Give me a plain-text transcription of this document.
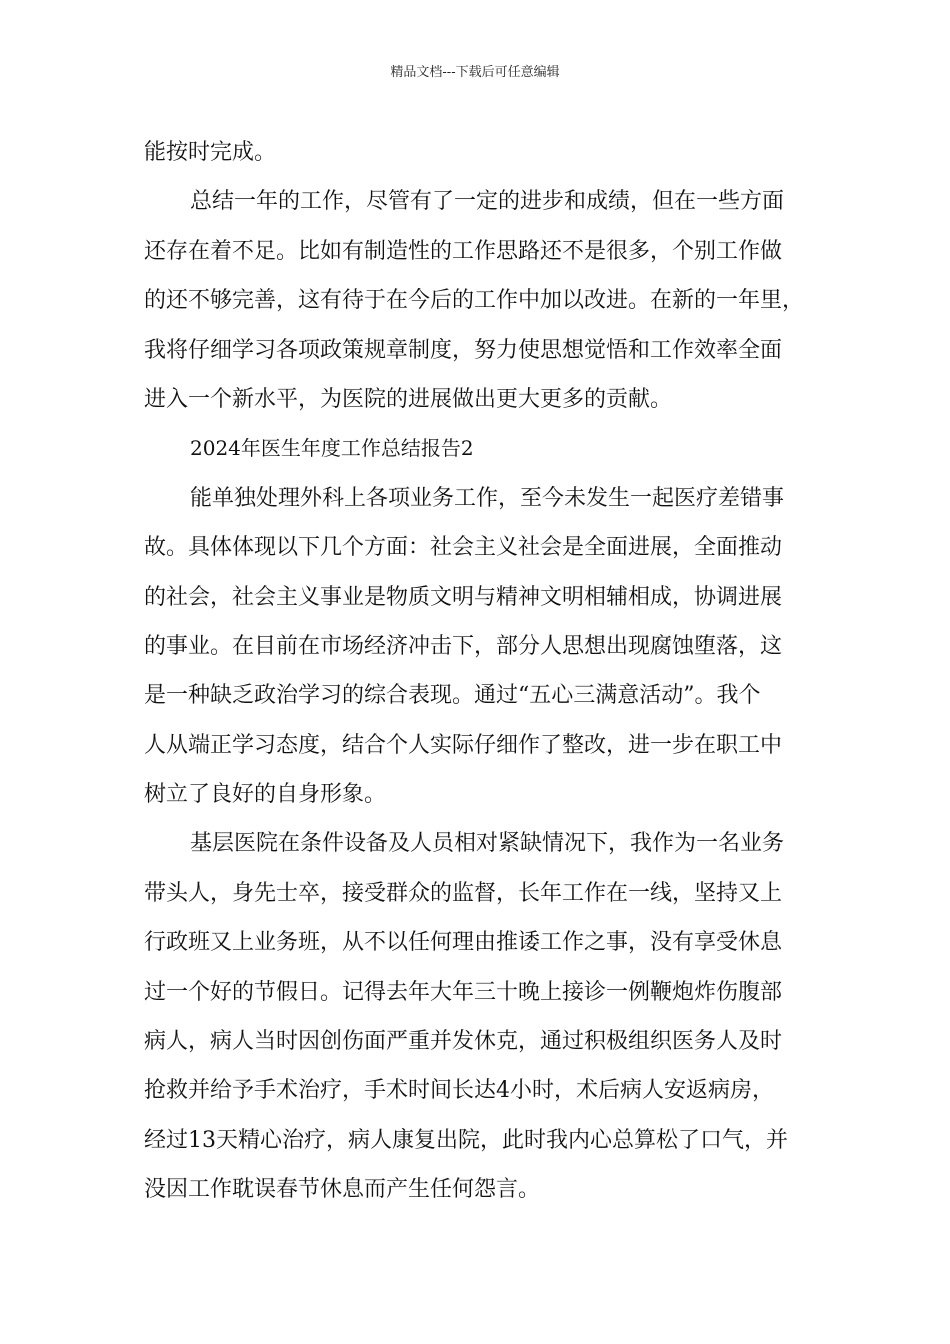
精品文档---下载后可任意编辑
能按时完成。
总结一年的工作，尽管有了一定的进步和成绩，但在一些方面
还存在着不足。比如有制造性的工作思路还不是很多，个别工作做
的还不够完善，这有待于在今后的工作中加以改进。在新的一年里，
我将仔细学习各项政策规章制度，努力使思想觉悟和工作效率全面
进入一个新水平，为医院的进展做出更大更多的贡献。
2024年医生年度工作总结报告2
能单独处理外科上各项业务工作，至今未发生一起医疗差错事
故。具体体现以下几个方面：社会主义社会是全面进展，全面推动
的社会，社会主义事业是物质文明与精神文明相辅相成，协调进展
的事业。在目前在市场经济冲击下，部分人思想出现腐蚀堕落，这
是一种缺乏政治学习的综合表现。通过“五心三满意活动”。我个
人从端正学习态度，结合个人实际仔细作了整改，进一步在职工中
树立了良好的自身形象。
基层医院在条件设备及人员相对紧缺情况下，我作为一名业务
带头人，身先士卒，接受群众的监督，长年工作在一线，坚持又上
行政班又上业务班，从不以任何理由推诿工作之事，没有享受休息
过一个好的节假日。记得去年大年三十晚上接诊一例鞭炮炸伤腹部
病人，病人当时因创伤面严重并发休克，通过积极组织医务人及时
抢救并给予手术治疗，手术时间长达4小时，术后病人安返病房，
经过13天精心治疗，病人康复出院，此时我内心总算松了口气，并
没因工作耽误春节休息而产生任何怨言。
